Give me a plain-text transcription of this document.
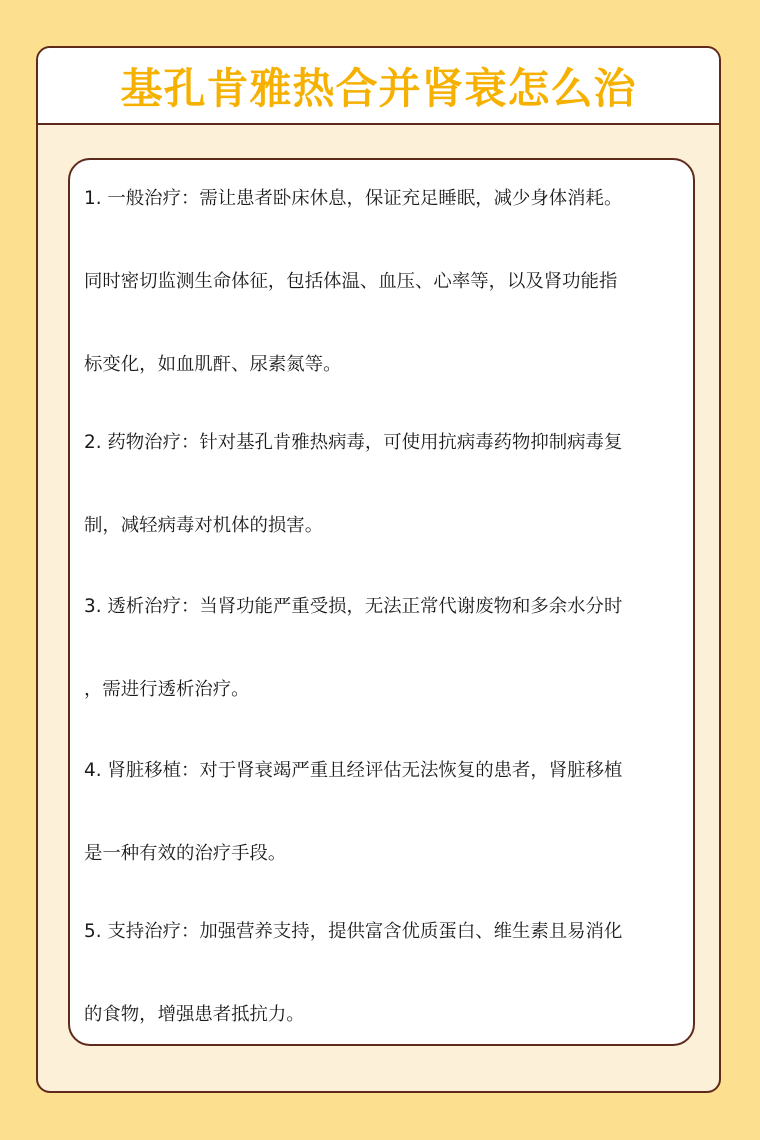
基孔肯雅热合并肾衰怎么治
1. 一般治疗：需让患者卧床休息，保证充足睡眠，减少身体消耗。
同时密切监测生命体征，包括体温、血压、心率等，以及肾功能指
标变化，如血肌酐、尿素氮等。
2. 药物治疗：针对基孔肯雅热病毒，可使用抗病毒药物抑制病毒复
制，减轻病毒对机体的损害。
3. 透析治疗：当肾功能严重受损，无法正常代谢废物和多余水分时
，需进行透析治疗。
4. 肾脏移植：对于肾衰竭严重且经评估无法恢复的患者，肾脏移植
是一种有效的治疗手段。
5. 支持治疗：加强营养支持，提供富含优质蛋白、维生素且易消化
的食物，增强患者抵抗力。
